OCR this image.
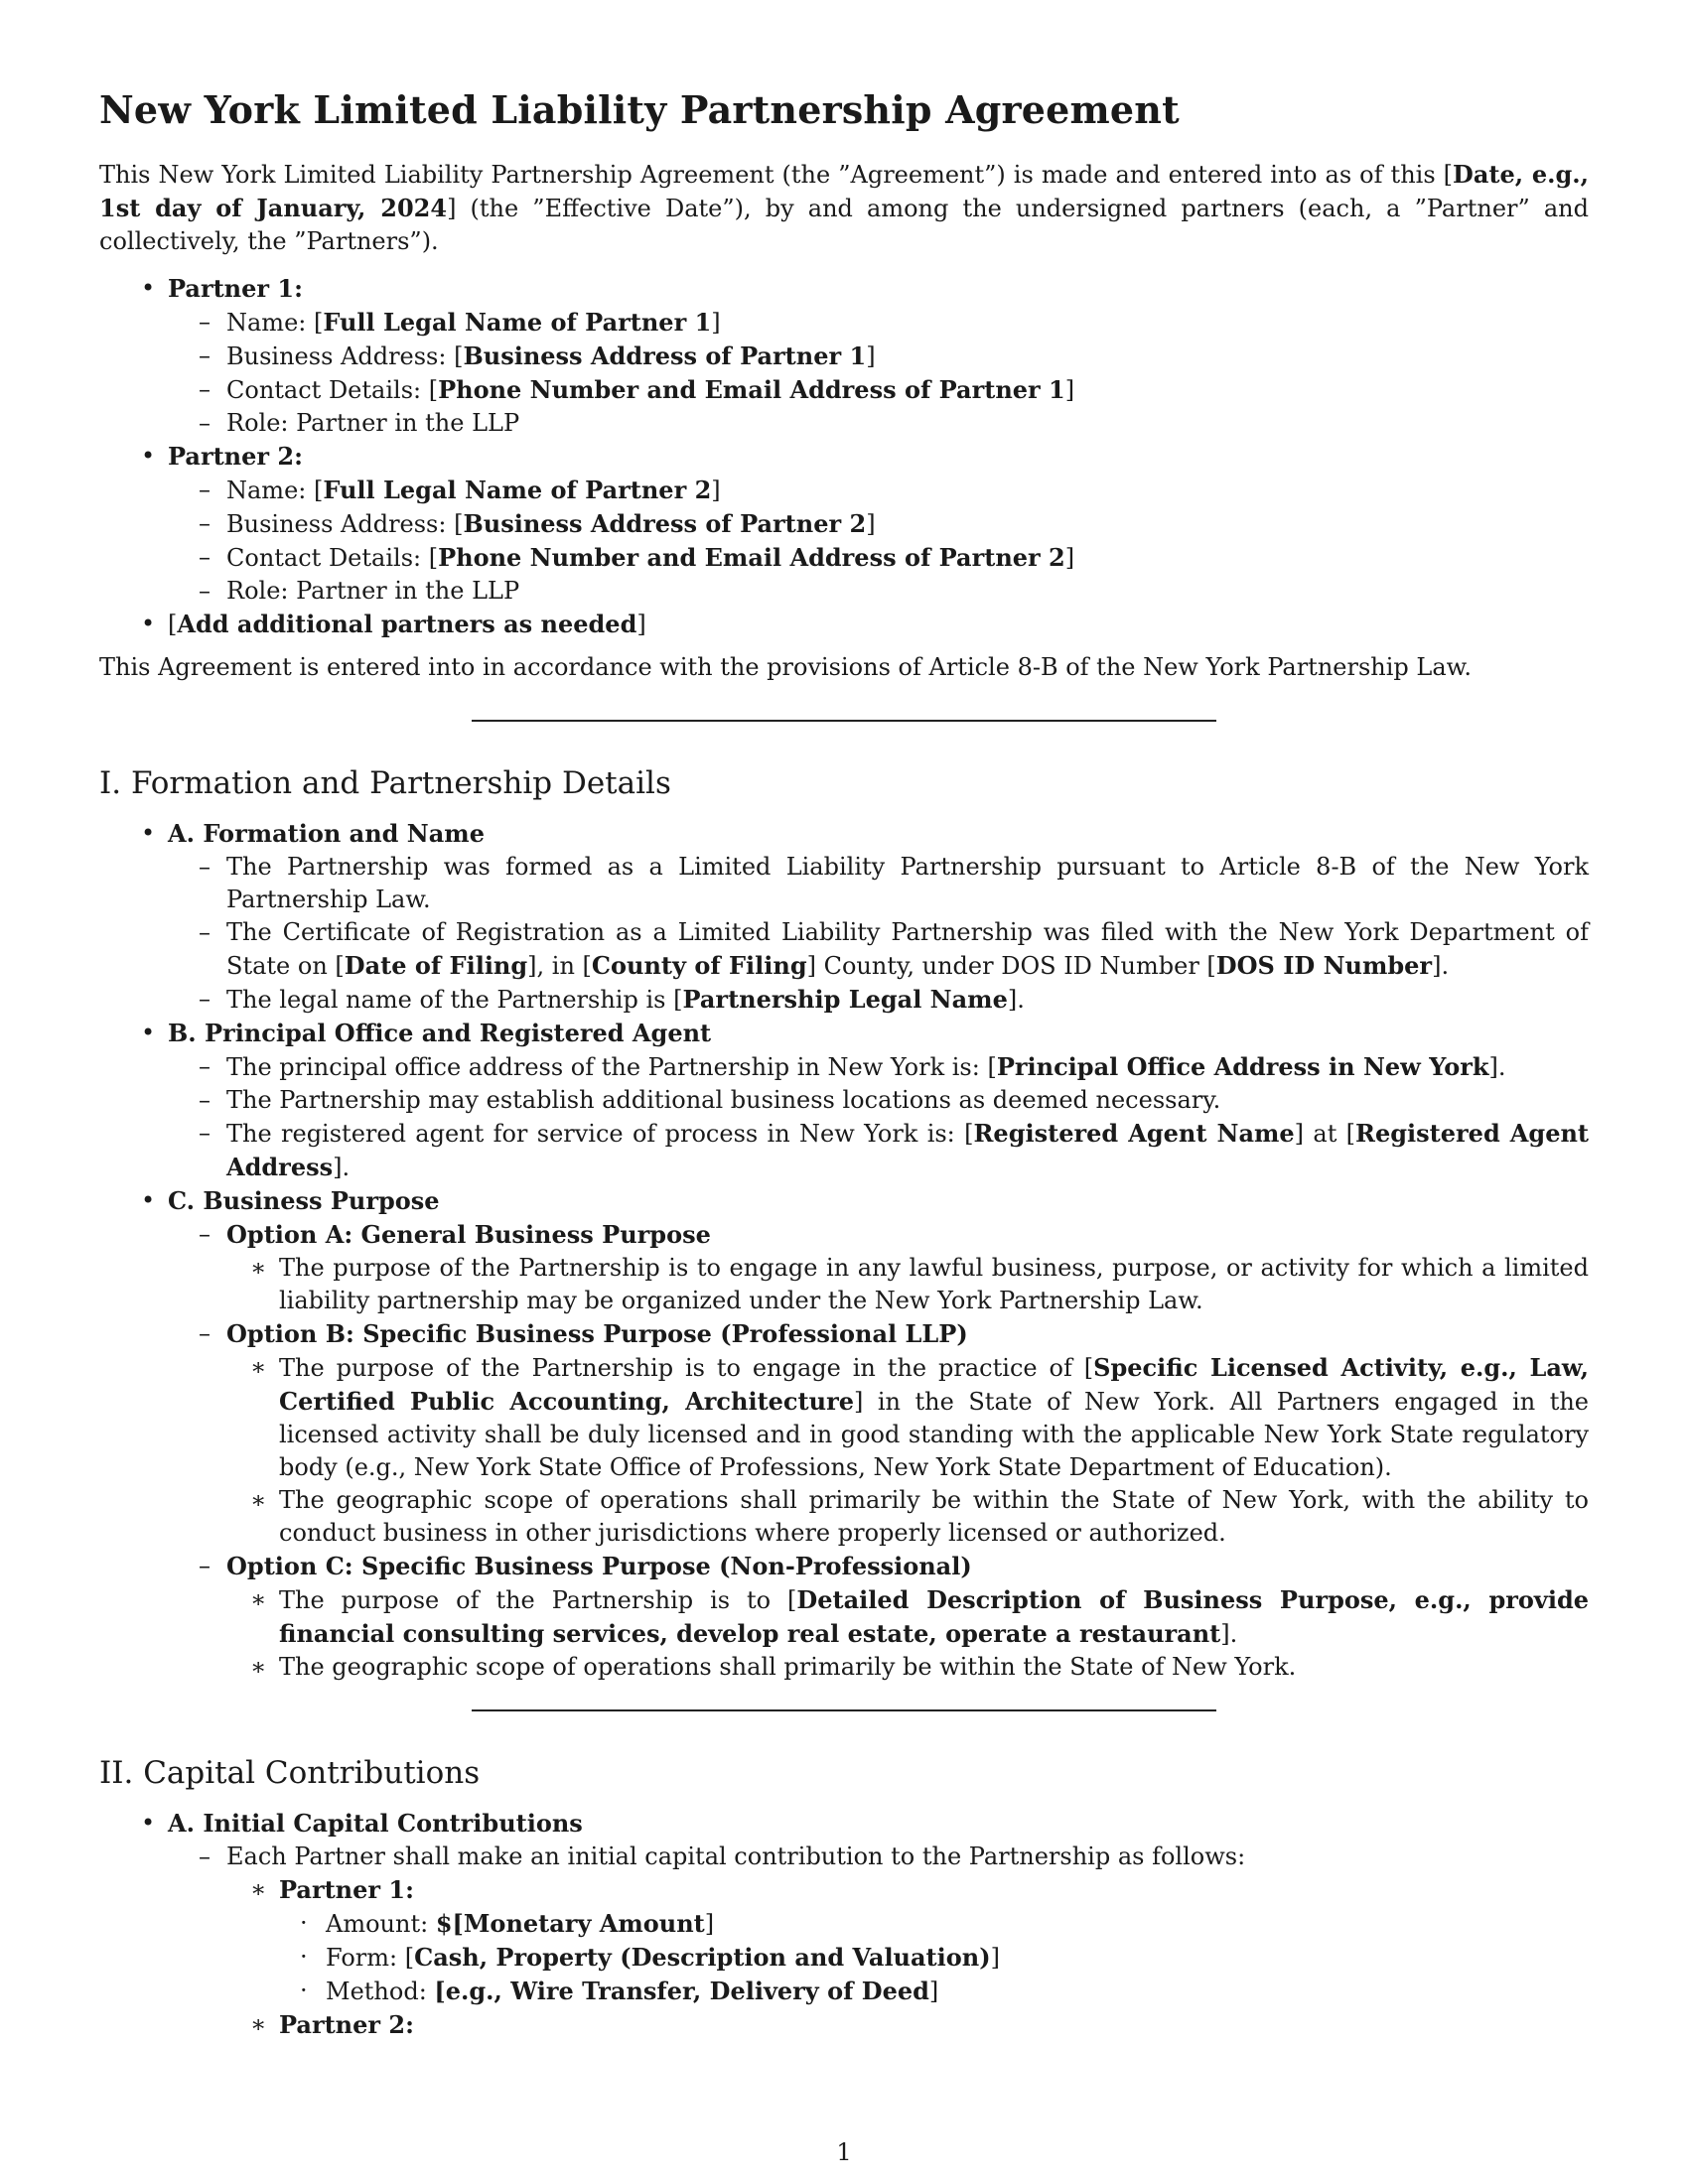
New York Limited Liability Partnership Agreement

This New York Limited Liability Partnership Agreement (the ”Agreement”) is made and entered into as of this [Date, e.g., 1st day of January, 2024] (the ”Effective Date”), by and among the undersigned partners (each, a ”Partner” and collectively, the ”Partners”).

• Partner 1:
– Name: [Full Legal Name of Partner 1]
– Business Address: [Business Address of Partner 1]
– Contact Details: [Phone Number and Email Address of Partner 1]
– Role: Partner in the LLP
• Partner 2:
– Name: [Full Legal Name of Partner 2]
– Business Address: [Business Address of Partner 2]
– Contact Details: [Phone Number and Email Address of Partner 2]
– Role: Partner in the LLP
• [Add additional partners as needed]

This Agreement is entered into in accordance with the provisions of Article 8-B of the New York Partnership Law.

I. Formation and Partnership Details
• A. Formation and Name
– The Partnership was formed as a Limited Liability Partnership pursuant to Article 8-B of the New York Partnership Law.
– The Certificate of Registration as a Limited Liability Partnership was filed with the New York Department of State on [Date of Filing], in [County of Filing] County, under DOS ID Number [DOS ID Number].
– The legal name of the Partnership is [Partnership Legal Name].
• B. Principal Office and Registered Agent
– The principal office address of the Partnership in New York is: [Principal Office Address in New York].
– The Partnership may establish additional business locations as deemed necessary.
– The registered agent for service of process in New York is: [Registered Agent Name] at [Registered Agent Address].
• C. Business Purpose
– Option A: General Business Purpose
∗ The purpose of the Partnership is to engage in any lawful business, purpose, or activity for which a limited liability partnership may be organized under the New York Partnership Law.
– Option B: Specific Business Purpose (Professional LLP)
∗ The purpose of the Partnership is to engage in the practice of [Specific Licensed Activity, e.g., Law, Certified Public Accounting, Architecture] in the State of New York. All Partners engaged in the licensed activity shall be duly licensed and in good standing with the applicable New York State regulatory body (e.g., New York State Office of Professions, New York State Department of Education).
∗ The geographic scope of operations shall primarily be within the State of New York, with the ability to conduct business in other jurisdictions where properly licensed or authorized.
– Option C: Specific Business Purpose (Non-Professional)
∗ The purpose of the Partnership is to [Detailed Description of Business Purpose, e.g., provide financial consulting services, develop real estate, operate a restaurant].
∗ The geographic scope of operations shall primarily be within the State of New York.
II. Capital Contributions
• A. Initial Capital Contributions
– Each Partner shall make an initial capital contribution to the Partnership as follows:
∗ Partner 1:
· Amount: $[Monetary Amount]
· Form: [Cash, Property (Description and Valuation)]
· Method: [e.g., Wire Transfer, Delivery of Deed]
∗ Partner 2:
1
